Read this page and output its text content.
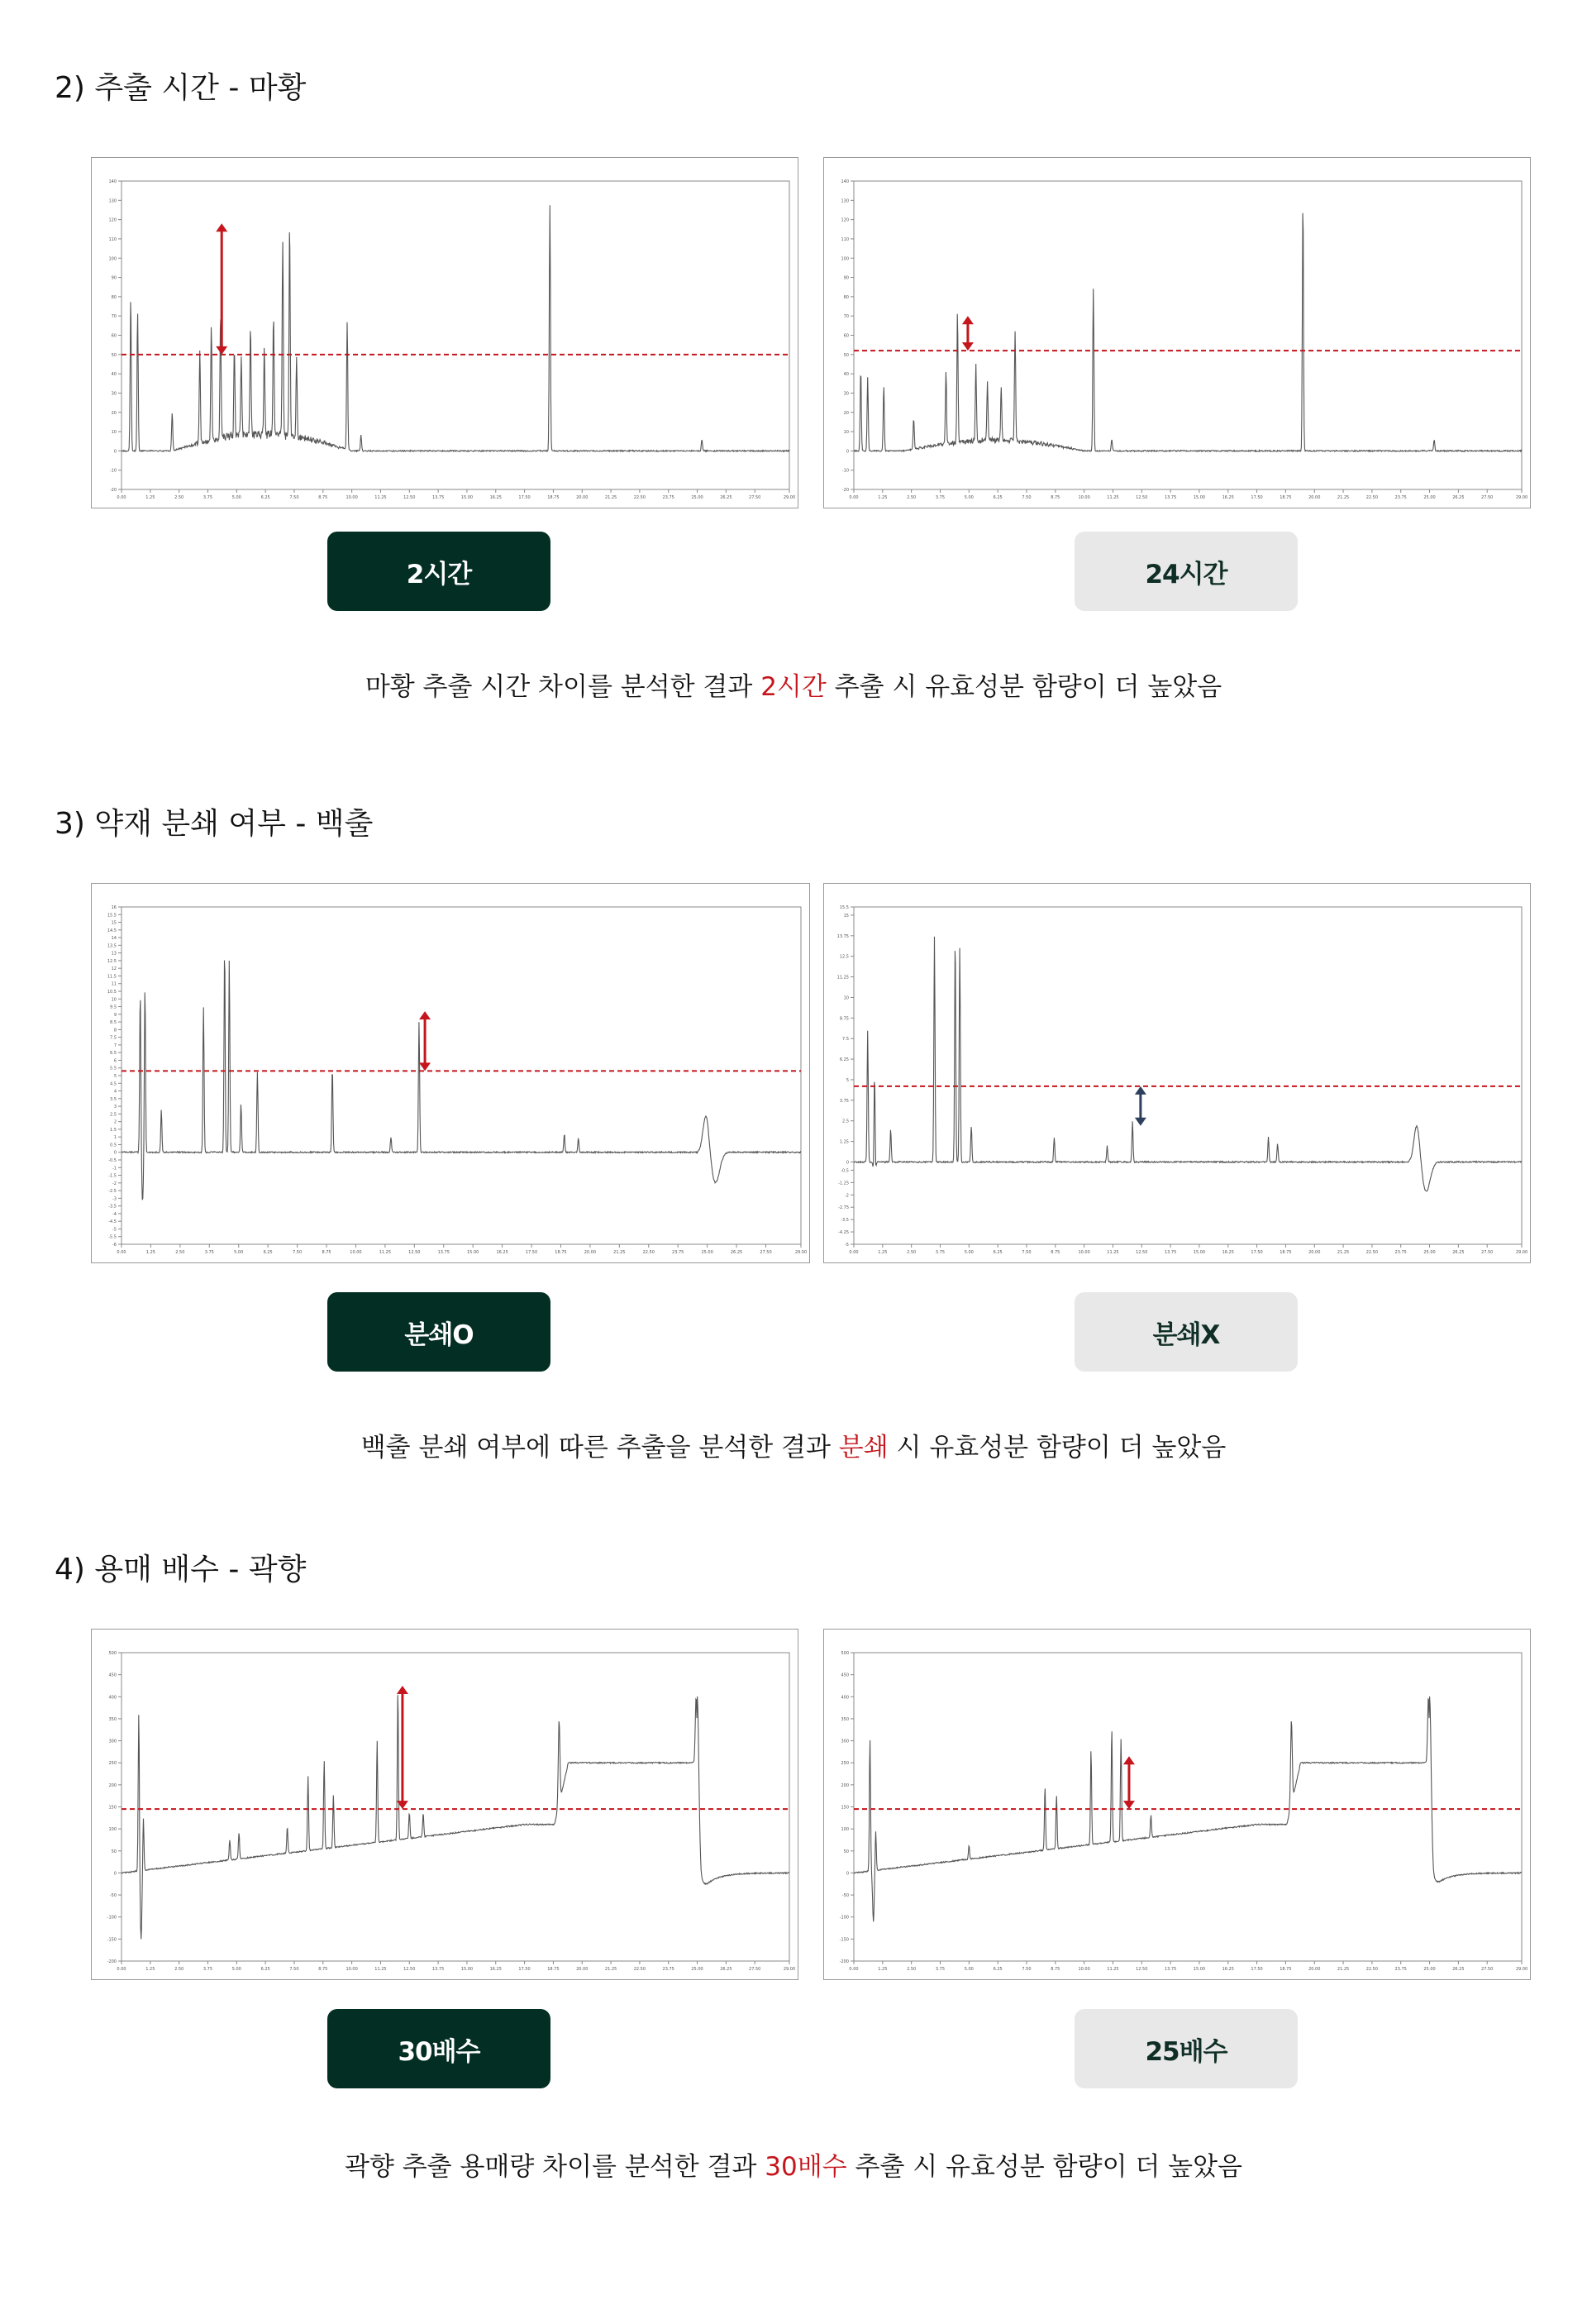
2) 추출 시간 - 마황
-20
-10
0
10
20
30
40
50
60
70
80
90
100
110
120
130
140
0.00	1.25	2.50	3.75	5.00	6.25	7.50	8.75	10.00	11.25	12.50	13.75	15.00	16.25	17.50	18.75	20.00	21.25	22.50	23.75	25.00	26.25	27.50	29.00
-20
-10
0
10
20
30
40
50
60
70
80
90
100
110
120
130
140
0.00	1.25	2.50	3.75	5.00	6.25	7.50	8.75	10.00	11.25	12.50	13.75	15.00	16.25	17.50	18.75	20.00	21.25	22.50	23.75	25.00	26.25	27.50	29.00
2시간	24시간
마황 추출 시간 차이를 분석한 결과 2시간 추출 시 유효성분 함량이 더 높았음
3) 약재 분쇄 여부 - 백출
-6
-5.5
-5
-4.5
-4
-3.5
-3
-2.5
-2
-1.5
-1
-0.5
0
0.5
1
1.5
2
2.5
3
3.5
4
4.5
5
5.5
6
6.5
7
7.5
8
8.5
9
9.5
10
10.5
11
11.5
12
12.5
13
13.5
14
14.5
15
15.5
16
0.00	1.25	2.50	3.75	5.00	6.25	7.50	8.75	10.00	11.25	12.50	13.75	15.00	16.25	17.50	18.75	20.00	21.25	22.50	23.75	25.00	26.25	27.50	29.00
-5
-4.25
-3.5
-2.75
-2
-1.25
-0.5
0
1.25
2.5
3.75
5
6.25
7.5
8.75
10
11.25
12.5
13.75
15
15.5
0.00	1.25	2.50	3.75	5.00	6.25	7.50	8.75	10.00	11.25	12.50	13.75	15.00	16.25	17.50	18.75	20.00	21.25	22.50	23.75	25.00	26.25	27.50	29.00
분쇄O	분쇄X
백출 분쇄 여부에 따른 추출을 분석한 결과 분쇄 시 유효성분 함량이 더 높았음
4) 용매 배수 - 곽향
-200
-150
-100
-50
0
50
100
150
200
250
300
350
400
450
500
0.00	1.25	2.50	3.75	5.00	6.25	7.50	8.75	10.00	11.25	12.50	13.75	15.00	16.25	17.50	18.75	20.00	21.25	22.50	23.75	25.00	26.25	27.50	29.00
-200
-150
-100
-50
0
50
100
150
200
250
300
350
400
450
500
0.00	1.25	2.50	3.75	5.00	6.25	7.50	8.75	10.00	11.25	12.50	13.75	15.00	16.25	17.50	18.75	20.00	21.25	22.50	23.75	25.00	26.25	27.50	29.00
30배수	25배수
곽향 추출 용매량 차이를 분석한 결과 30배수 추출 시 유효성분 함량이 더 높았음
